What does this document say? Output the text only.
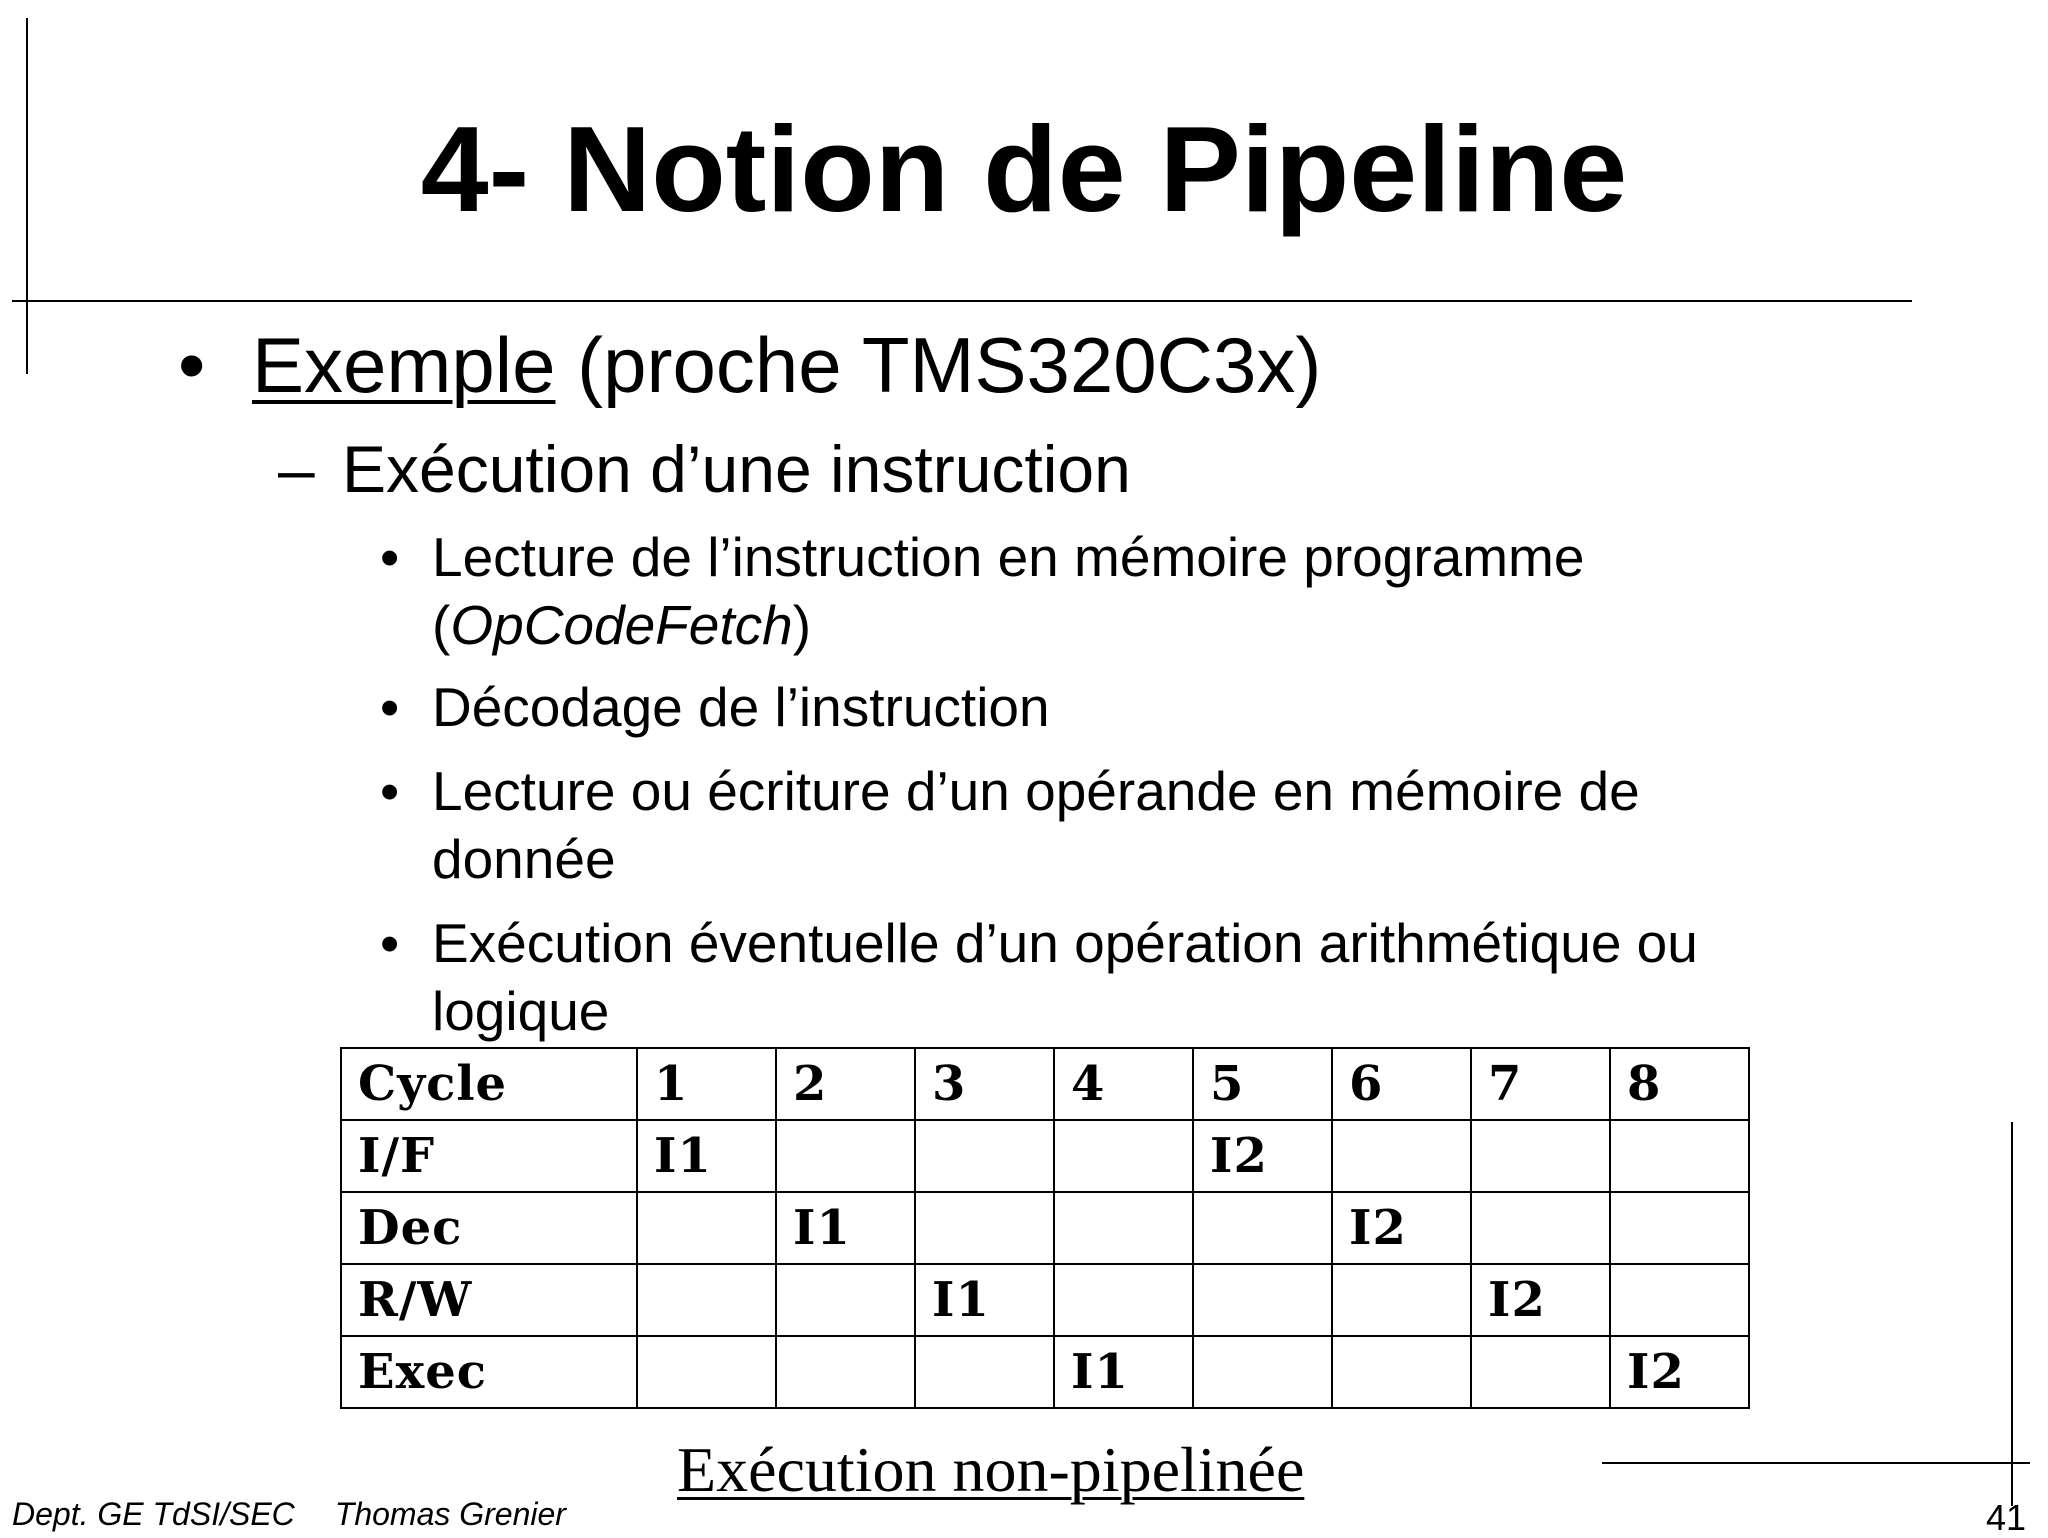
4- Notion de Pipeline
• Exemple (proche TMS320C3x)
– Exécution d’une instruction
• Lecture de l’instruction en mémoire programme
(OpCodeFetch)
• Décodage de l’instruction
• Lecture ou écriture d’un opérande en mémoire de
donnée
• Exécution éventuelle d’un opération arithmétique ou
logique
Cycle	1	2	3	4	5	6	7	8
I/F	I1				I2			
Dec		I1				I2		
R/W			I1				I2	
Exec				I1				I2
Exécution non-pipelinée
Dept. GE TdSI/SEC Thomas Grenier	41
